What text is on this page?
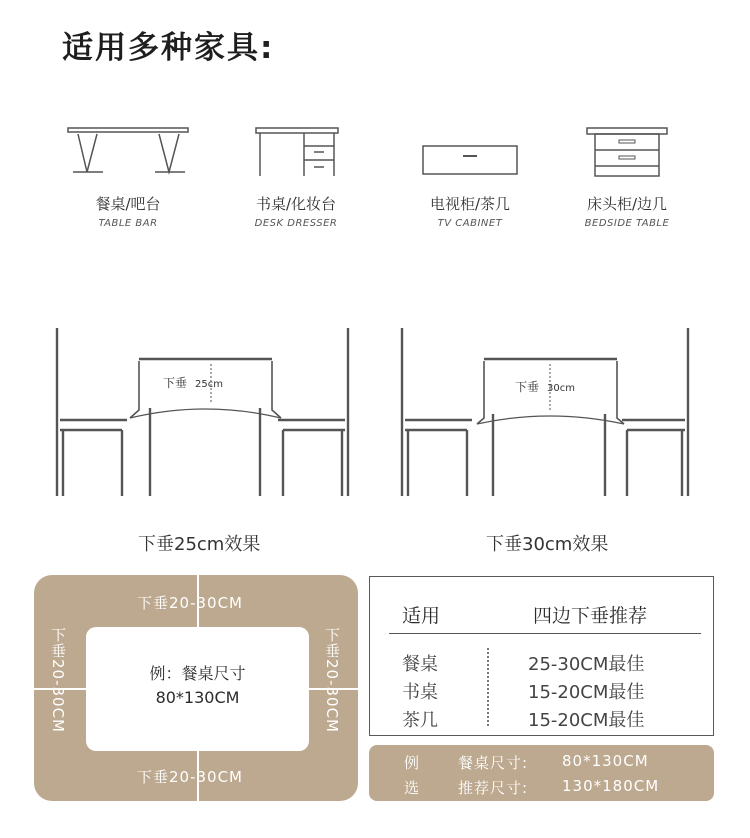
适用多种家具:
餐桌/吧台
TABLE BAR
书桌/化妆台
DESK DRESSER
电视柜/茶几
TV CABINET
床头柜/边几
BEDSIDE TABLE
下垂 25cm	下垂 30cm
下垂25cm效果	下垂30cm效果
下垂20-30CM
下垂20-30CM
下垂20-30CM	下垂20-30CM
例：餐桌尺寸
80*130CM
适用	四边下垂推荐
餐桌	25-30CM最佳
书桌	15-20CM最佳
茶几	15-20CM最佳
例	餐桌尺寸: 80*130CM
选	推荐尺寸: 130*180CM
